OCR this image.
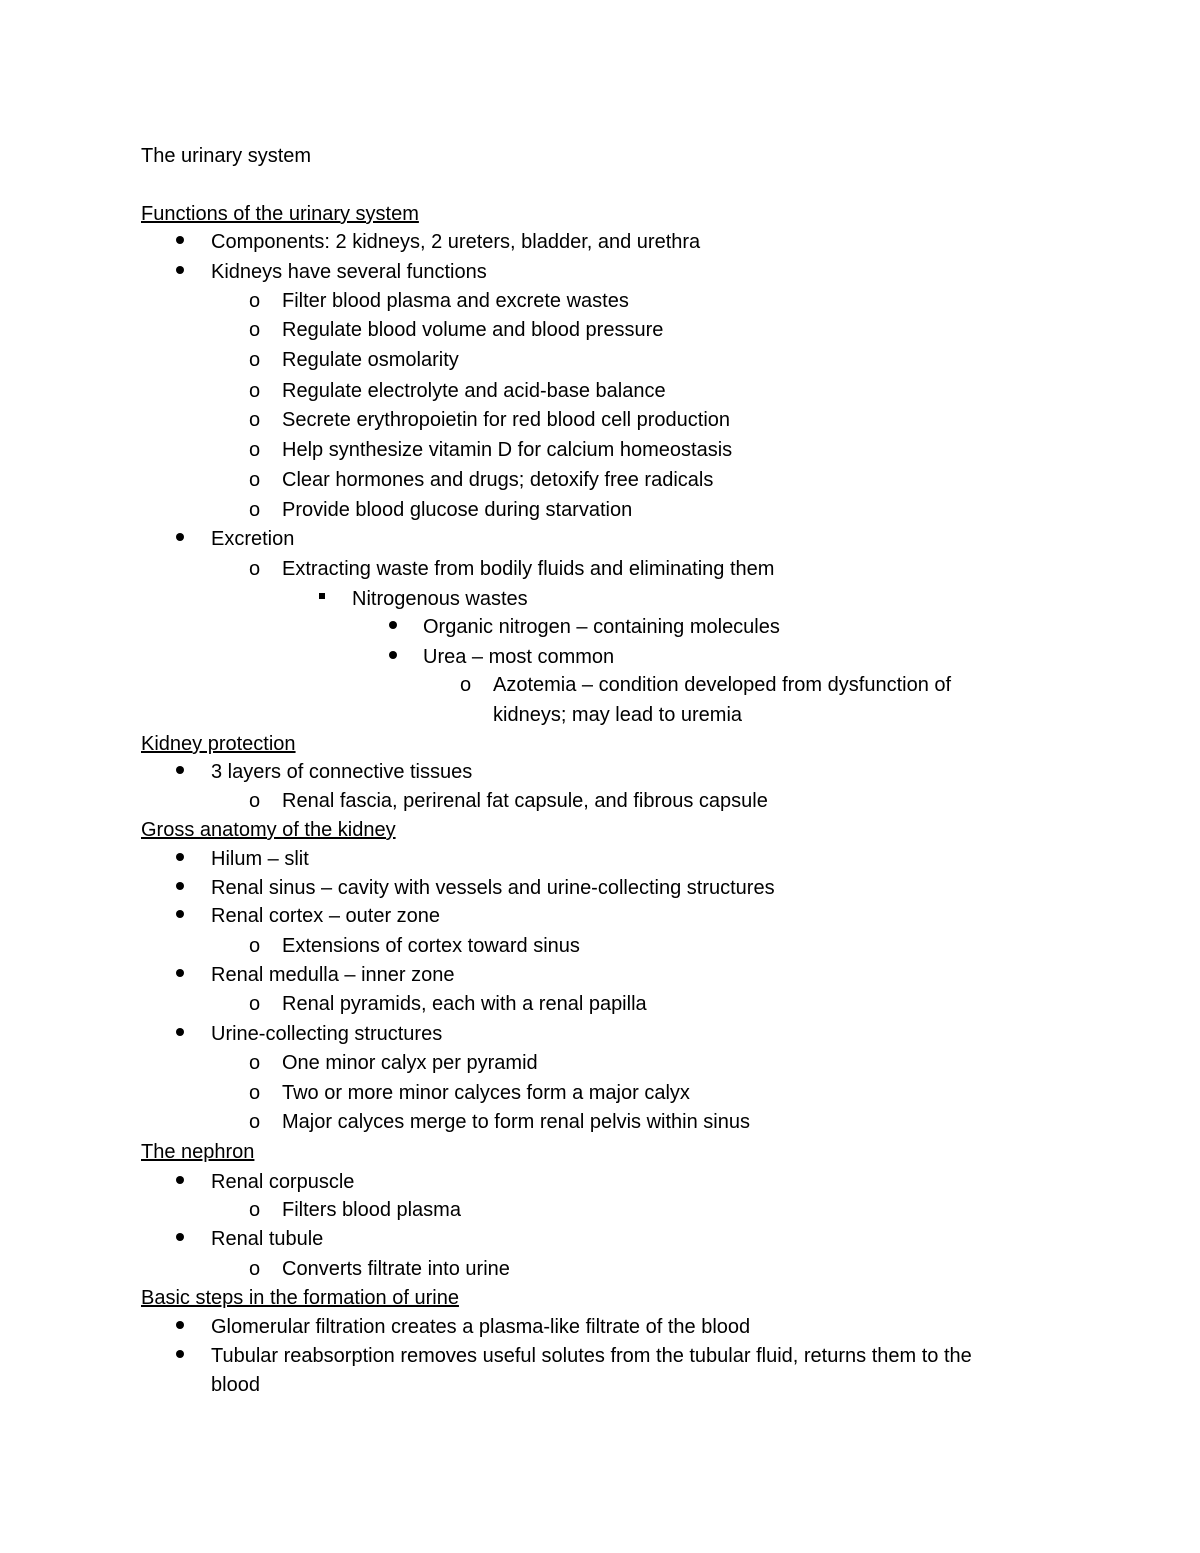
The urinary system
Functions of the urinary system
Components: 2 kidneys, 2 ureters, bladder, and urethra
Kidneys have several functions
o Filter blood plasma and excrete wastes
o Regulate blood volume and blood pressure
o Regulate osmolarity
o Regulate electrolyte and acid-base balance
o Secrete erythropoietin for red blood cell production
o Help synthesize vitamin D for calcium homeostasis
o Clear hormones and drugs; detoxify free radicals
o Provide blood glucose during starvation
Excretion
o Extracting waste from bodily fluids and eliminating them
Nitrogenous wastes
Organic nitrogen – containing molecules
Urea – most common
o Azotemia – condition developed from dysfunction of
kidneys; may lead to uremia
Kidney protection
3 layers of connective tissues
o Renal fascia, perirenal fat capsule, and fibrous capsule
Gross anatomy of the kidney
Hilum – slit
Renal sinus – cavity with vessels and urine-collecting structures
Renal cortex – outer zone
o Extensions of cortex toward sinus
Renal medulla – inner zone
o Renal pyramids, each with a renal papilla
Urine-collecting structures
o One minor calyx per pyramid
o Two or more minor calyces form a major calyx
o Major calyces merge to form renal pelvis within sinus
The nephron
Renal corpuscle
o Filters blood plasma
Renal tubule
o Converts filtrate into urine
Basic steps in the formation of urine
Glomerular filtration creates a plasma-like filtrate of the blood
Tubular reabsorption removes useful solutes from the tubular fluid, returns them to the
blood
